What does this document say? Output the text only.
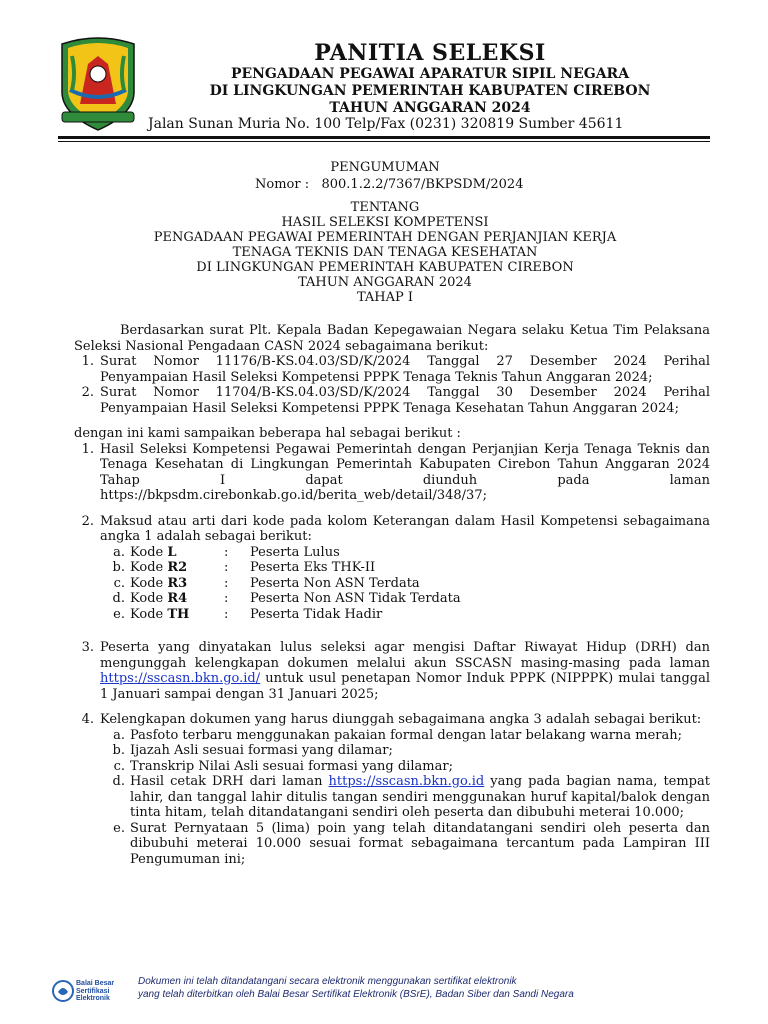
PANITIA SELEKSI
PENGADAAN PEGAWAI APARATUR SIPIL NEGARA
DI LINGKUNGAN PEMERINTAH KABUPATEN CIREBON
TAHUN ANGGARAN 2024
Jalan Sunan Muria No. 100 Telp/Fax (0231) 320819 Sumber 45611
PENGUMUMAN
Nomor :   800.1.2.2/7367/BKPSDM/2024
TENTANG
HASIL SELEKSI KOMPETENSI
PENGADAAN PEGAWAI PEMERINTAH DENGAN PERJANJIAN KERJA
TENAGA TEKNIS DAN TENAGA KESEHATAN
DI LINGKUNGAN PEMERINTAH KABUPATEN CIREBON
TAHUN ANGGARAN 2024
TAHAP I

Berdasarkan surat Plt. Kepala Badan Kepegawaian Negara selaku Ketua Tim Pelaksana Seleksi Nasional Pengadaan CASN 2024 sebagaimana berikut:

1. Surat Nomor 11176/B-KS.04.03/SD/K/2024 Tanggal 27 Desember 2024 Perihal Penyampaian Hasil Seleksi Kompetensi PPPK Tenaga Teknis Tahun Anggaran 2024;
2. Surat Nomor 11704/B-KS.04.03/SD/K/2024 Tanggal 30 Desember 2024 Perihal Penyampaian Hasil Seleksi Kompetensi PPPK Tenaga Kesehatan Tahun Anggaran 2024;
dengan ini kami sampaikan beberapa hal sebagai berikut :
1. Hasil Seleksi Kompetensi Pegawai Pemerintah dengan Perjanjian Kerja Tenaga Teknis dan Tenaga Kesehatan di Lingkungan Pemerintah Kabupaten Cirebon Tahun Anggaran 2024 Tahap I dapat diunduh pada laman https://bkpsdm.cirebonkab.go.id/berita_web/detail/348/37;
2. Maksud atau arti dari kode pada kolom Keterangan dalam Hasil Kompetensi sebagaimana angka 1 adalah sebagai berikut:
a. Kode L	:	Peserta Lulus
b. Kode R2	:	Peserta Eks THK-II
c. Kode R3	:	Peserta Non ASN Terdata
d. Kode R4	:	Peserta Non ASN Tidak Terdata
e. Kode TH	:	Peserta Tidak Hadir
3. Peserta yang dinyatakan lulus seleksi agar mengisi Daftar Riwayat Hidup (DRH) dan mengunggah kelengkapan dokumen melalui akun SSCASN masing-masing pada laman https://sscasn.bkn.go.id/ untuk usul penetapan Nomor Induk PPPK (NIPPPK) mulai tanggal 1 Januari sampai dengan 31 Januari 2025;
4. Kelengkapan dokumen yang harus diunggah sebagaimana angka 3 adalah sebagai berikut:
a. Pasfoto terbaru menggunakan pakaian formal dengan latar belakang warna merah;
b. Ijazah Asli sesuai formasi yang dilamar;
c. Transkrip Nilai Asli sesuai formasi yang dilamar;
d. Hasil cetak DRH dari laman https://sscasn.bkn.go.id yang pada bagian nama, tempat lahir, dan tanggal lahir ditulis tangan sendiri menggunakan huruf kapital/balok dengan tinta hitam, telah ditandatangani sendiri oleh peserta dan dibubuhi meterai 10.000;
e. Surat Pernyataan 5 (lima) poin yang telah ditandatangani sendiri oleh peserta dan dibubuhi meterai 10.000 sesuai format sebagaimana tercantum pada Lampiran III Pengumuman ini;
Balai Besar
Sertifikasi
Elektronik
Dokumen ini telah ditandatangani secara elektronik menggunakan sertifikat elektronik
yang telah diterbitkan oleh Balai Besar Sertifikat Elektronik (BSrE), Badan Siber dan Sandi Negara
